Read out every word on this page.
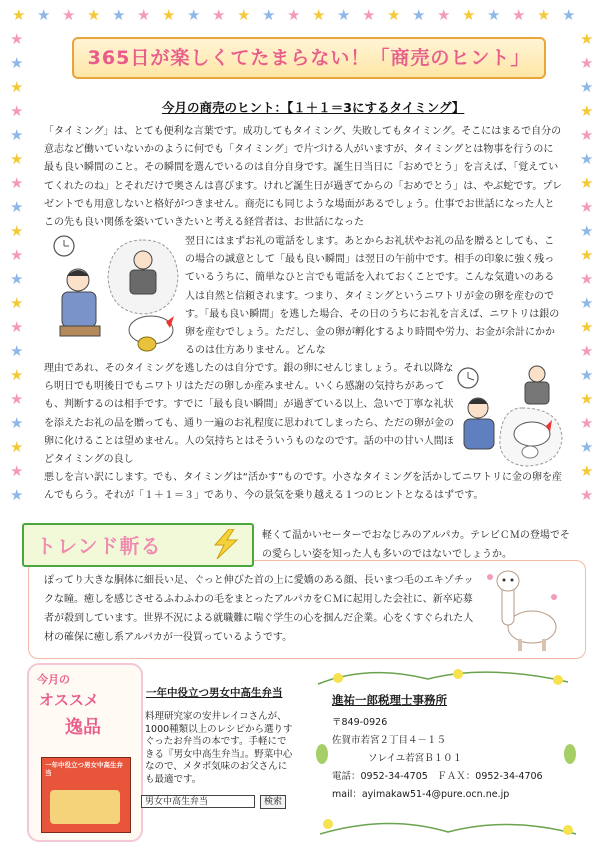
★ ★ ★ ★ ★ ★ ★ ★ ★ ★ ★ ★ ★ ★ ★ ★ ★ ★ ★ ★ ★ ★ ★
★	★
★	★
★	★
★	★
★	★
★	★
★	★
★	★
★	★
★	★
★	★
★	★
★	★
★	★
★	★
★	★
★	★
★	★
★	★
★	★
365日が楽しくてたまらない！「商売のヒント」
今月の商売のヒント：【１＋１＝3にするタイミング】

「タイミング」は、とても便利な言葉です。成功してもタイミング、失敗してもタイミング。そこにはまるで自分の意志など働いていないかのように何でも「タイミング」で片づける人がいますが、タイミングとは物事を行うのに最も良い瞬間のこと。その瞬間を選んでいるのは自分自身です。誕生日当日に「おめでとう」を言えば、「覚えていてくれたのね」とそれだけで奥さんは喜びます。けれど誕生日が過ぎてからの「おめでとう」は、やぶ蛇です。プレゼントでも用意しないと格好がつきません。商売にも同じような場面があるでしょう。仕事でお世話になった人とこの先も良い関係を築いていきたいと考える経営者は、お世話になった

翌日にはまずお礼の電話をします。あとからお礼状やお礼の品を贈るとしても、この場合の誠意として「最も良い瞬間」は翌日の午前中です。相手の印象に強く残っているうちに、簡単なひと言でも電話を入れておくことです。こんな気遣いのある人は自然と信頼されます。つまり、タイミングというニワトリが金の卵を産むのです。「最も良い瞬間」を逃した場合、その日のうちにお礼を言えば、ニワトリは銀の卵を産むでしょう。ただし、金の卵が孵化するより時間や労力、お金が余計にかかるのは仕方ありません。どんな

理由であれ、そのタイミングを逃したのは自分です。銀の卵にせんじましょう。それ以降なら明日でも明後日でもニワトリはただの卵しか産みません。いくら感謝の気持ちがあっても、判断するのは相手です。すでに「最も良い瞬間」が過ぎている以上、急いで丁寧な礼状を添えたお礼の品を贈っても、通り一遍のお礼程度に思われてしまったら、ただの卵が金の卵に化けることは望めません。人の気持ちとはそういうものなのです。話の中の甘い人間ほどタイミングの良し

悪しを言い訳にします。でも、タイミングは“活かす”ものです。小さなタイミングを活かしてニワトリに金の卵を産んでもらう。それが「１＋１＝３」であり、今の景気を乗り越える１つのヒントとなるはずです。

トレンド斬る	軽くて温かいセーターでおなじみのアルパカ。テレビＣＭの登場でその愛らしい姿を知った人も多いのではないでしょうか。

ぽってり大きな胴体に細長い足、ぐっと伸びた首の上に愛嬌のある顔、長いまつ毛のエキゾチックな瞳。癒しを感じさせるふわふわの毛をまとったアルパカをＣＭに起用した会社に、新卒応募者が殺到しています。世界不況による就職難に喘ぐ学生の心を掴んだ企業。心をくすぐられた人材の確保に癒し系アルパカが一役買っているようです。

今月の
オススメ
逸品
一年中役立つ男女中高生弁当
一年中役立つ男女中高生弁当
料理研究家の安井レイコさんが、1000種類以上のレシピから選りすぐったお弁当の本です。手軽にできる『男女中高生弁当』。野菜中心なので、メタボ気味のお父さんにも最適です。
男女中高生弁当	検索
進祐一郎税理士事務所
〒849-0926
佐賀市若宮２丁目４－１５
ソレイユ若宮Ｂ１０１
電話：0952-34-4705　ＦＡＸ：0952-34-4706
mail：ayimakaw51-4@pure.ocn.ne.jp
